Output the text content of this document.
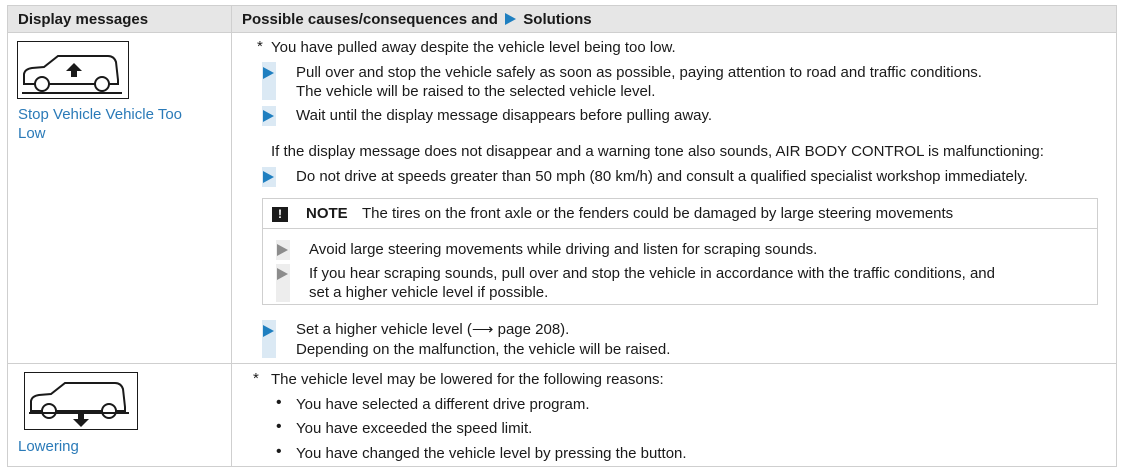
Display messages	Possible causes/consequences and Solutions
Stop Vehicle Vehicle Too Low
* You have pulled away despite the vehicle level being too low.
Pull over and stop the vehicle safely as soon as possible, paying attention to road and traffic conditions.
The vehicle will be raised to the selected vehicle level.
Wait until the display message disappears before pulling away.
If the display message does not disappear and a warning tone also sounds, AIR BODY CONTROL is malfunctioning:
Do not drive at speeds greater than 50 mph (80 km/h) and consult a qualified specialist workshop immediately.
!	NOTE The tires on the front axle or the fenders could be damaged by large steering movements
Avoid large steering movements while driving and listen for scraping sounds.
If you hear scraping sounds, pull over and stop the vehicle in accordance with the traffic conditions, and
set a higher vehicle level if possible.
Set a higher vehicle level (⟶ page 208).
Depending on the malfunction, the vehicle will be raised.
Lowering
* The vehicle level may be lowered for the following reasons:
• You have selected a different drive program.
• You have exceeded the speed limit.
• You have changed the vehicle level by pressing the button.
